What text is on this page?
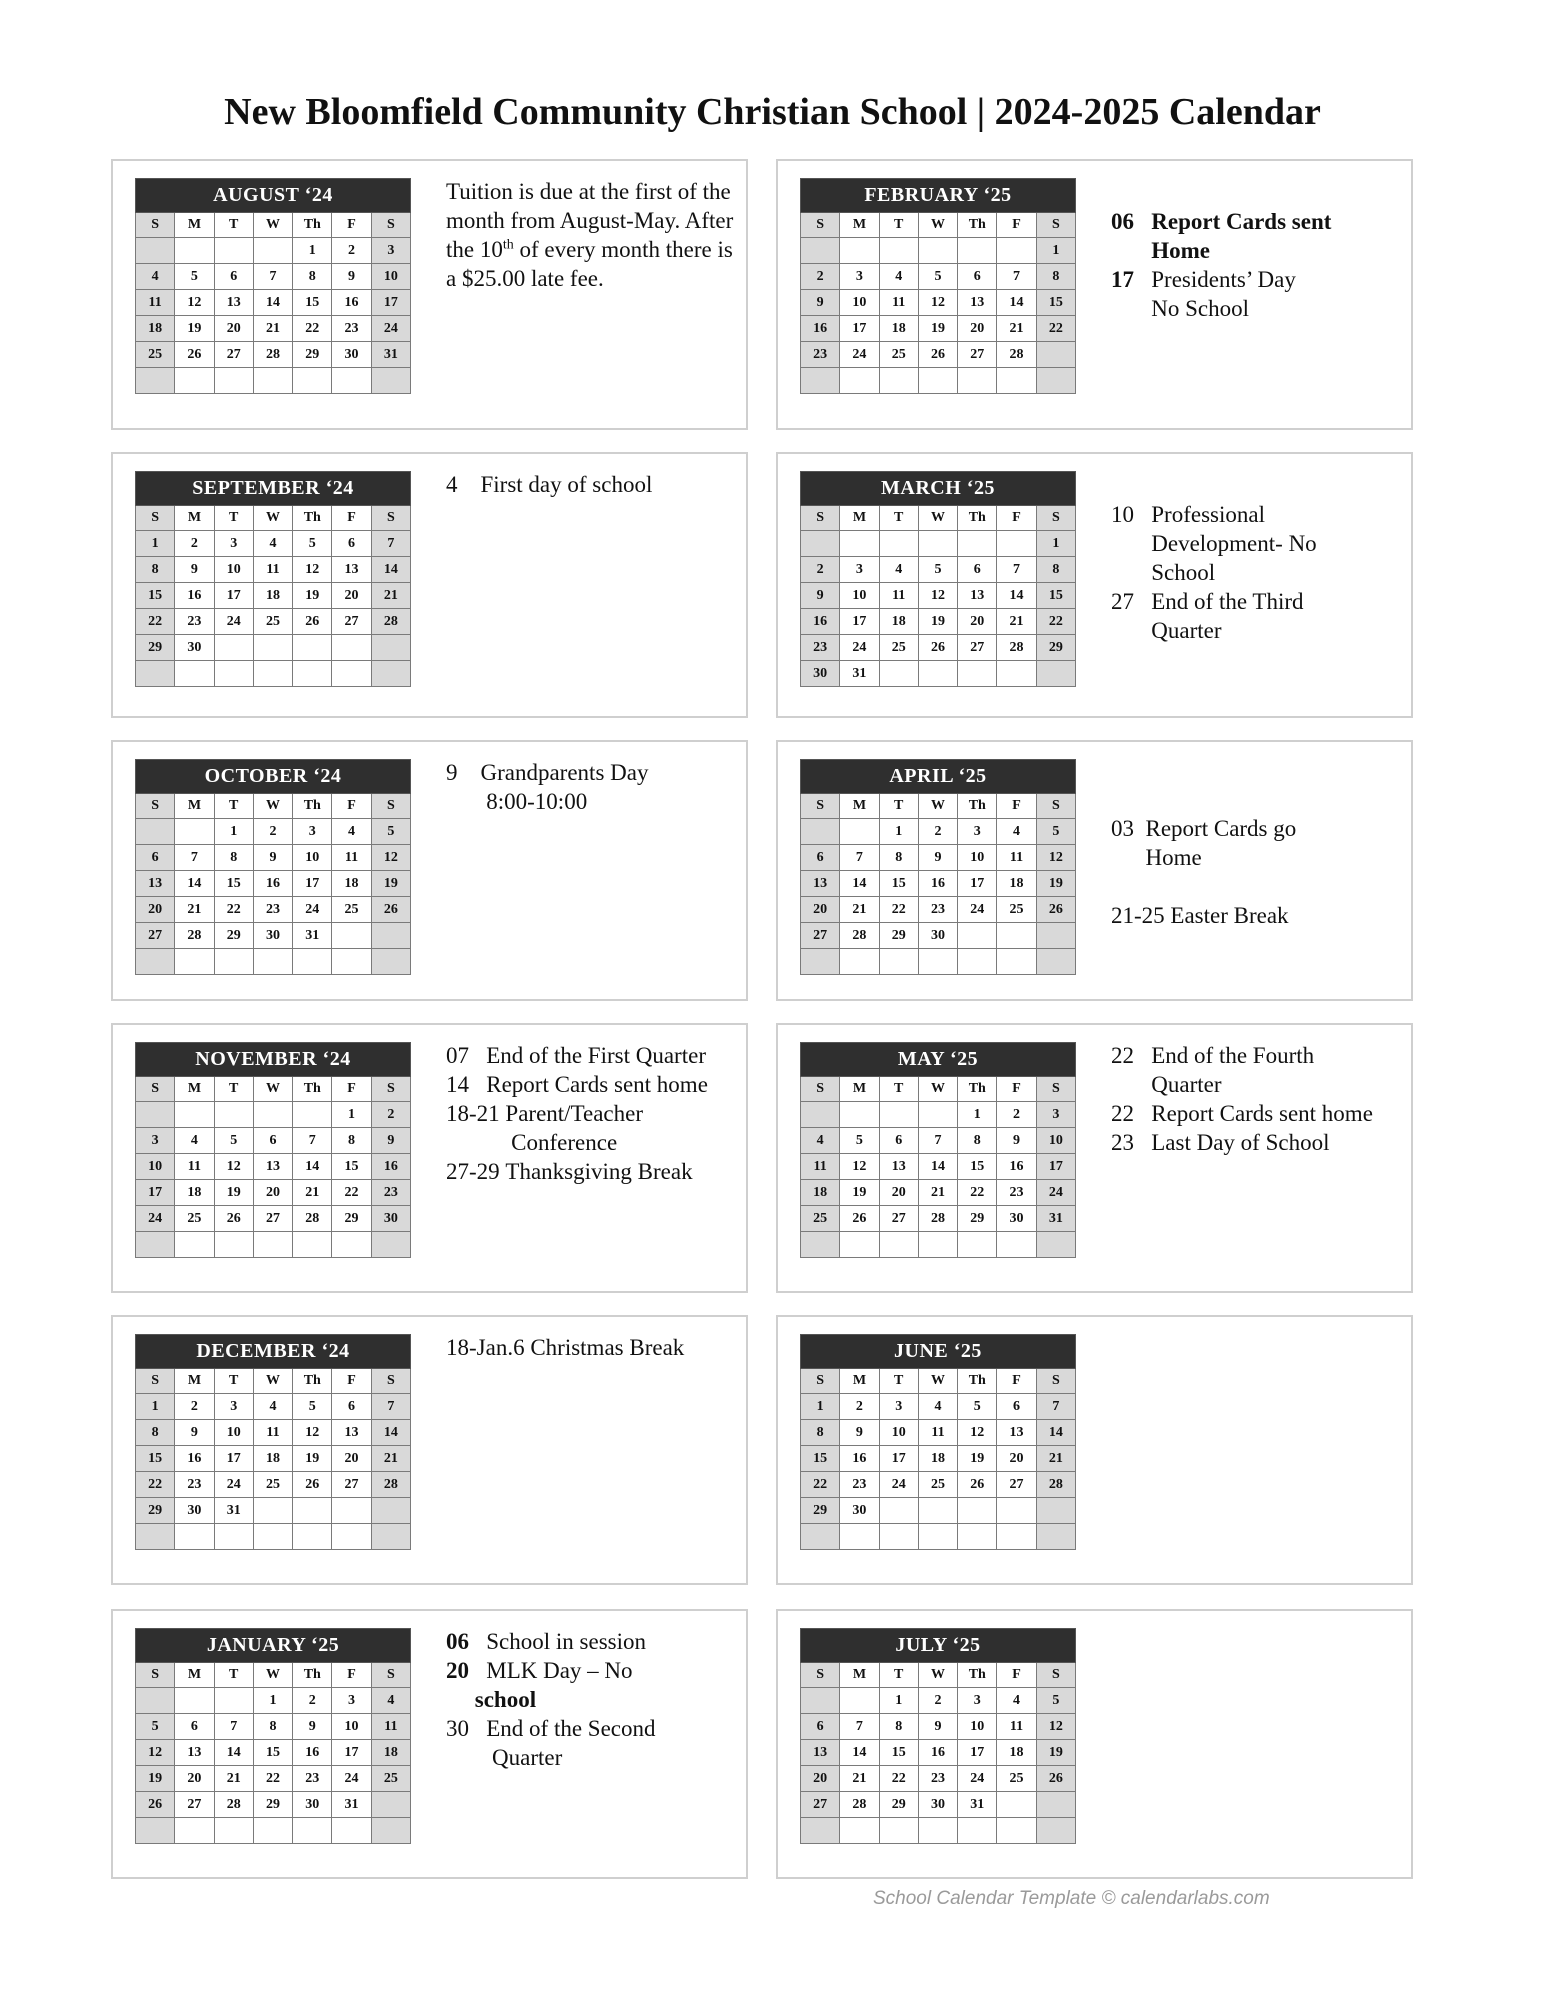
New Bloomfield Community Christian School | 2024-2025 Calendar
AUGUST ‘24						
S	M	T	W	Th	F	S
				1	2	3
4	5	6	7	8	9	10
11	12	13	14	15	16	17
18	19	20	21	22	23	24
25	26	27	28	29	30	31

Tuition is due at the first of the month from August-May. After the 10th of every month there is a $25.00 late fee.
SEPTEMBER ‘24						
S	M	T	W	Th	F	S
1	2	3	4	5	6	7
8	9	10	11	12	13	14
15	16	17	18	19	20	21
22	23	24	25	26	27	28
29	30					

4 First day of school
OCTOBER ‘24						
S	M	T	W	Th	F	S
		1	2	3	4	5
6	7	8	9	10	11	12
13	14	15	16	17	18	19
20	21	22	23	24	25	26
27	28	29	30	31		

9 Grandparents Day
8:00-10:00
NOVEMBER ‘24						
S	M	T	W	Th	F	S
					1	2
3	4	5	6	7	8	9
10	11	12	13	14	15	16
17	18	19	20	21	22	23
24	25	26	27	28	29	30

07 End of the First Quarter
14 Report Cards sent home
18-21 Parent/Teacher
Conference
27-29 Thanksgiving Break
DECEMBER ‘24						
S	M	T	W	Th	F	S
1	2	3	4	5	6	7
8	9	10	11	12	13	14
15	16	17	18	19	20	21
22	23	24	25	26	27	28
29	30	31				

18-Jan.6 Christmas Break
JANUARY ‘25						
S	M	T	W	Th	F	S
			1	2	3	4
5	6	7	8	9	10	11
12	13	14	15	16	17	18
19	20	21	22	23	24	25
26	27	28	29	30	31	

06 School in session
20 MLK Day – No

school
30 End of the Second
Quarter
FEBRUARY ‘25						
S	M	T	W	Th	F	S
						1
2	3	4	5	6	7	8
9	10	11	12	13	14	15
16	17	18	19	20	21	22
23	24	25	26	27	28	

06 Report Cards sent
Home
17 Presidents’ Day
No School
MARCH ‘25						
S	M	T	W	Th	F	S
						1
2	3	4	5	6	7	8
9	10	11	12	13	14	15
16	17	18	19	20	21	22
23	24	25	26	27	28	29
30	31					
10 Professional
Development- No
School
27 End of the Third
Quarter
APRIL ‘25						
S	M	T	W	Th	F	S
		1	2	3	4	5
6	7	8	9	10	11	12
13	14	15	16	17	18	19
20	21	22	23	24	25	26
27	28	29	30			

03 Report Cards go
Home

21-25 Easter Break
MAY ‘25						
S	M	T	W	Th	F	S
				1	2	3
4	5	6	7	8	9	10
11	12	13	14	15	16	17
18	19	20	21	22	23	24
25	26	27	28	29	30	31

22 End of the Fourth
Quarter
22 Report Cards sent home
23 Last Day of School
JUNE ‘25						
S	M	T	W	Th	F	S
1	2	3	4	5	6	7
8	9	10	11	12	13	14
15	16	17	18	19	20	21
22	23	24	25	26	27	28
29	30					

JULY ‘25						
S	M	T	W	Th	F	S
		1	2	3	4	5
6	7	8	9	10	11	12
13	14	15	16	17	18	19
20	21	22	23	24	25	26
27	28	29	30	31		

School Calendar Template © calendarlabs.com
